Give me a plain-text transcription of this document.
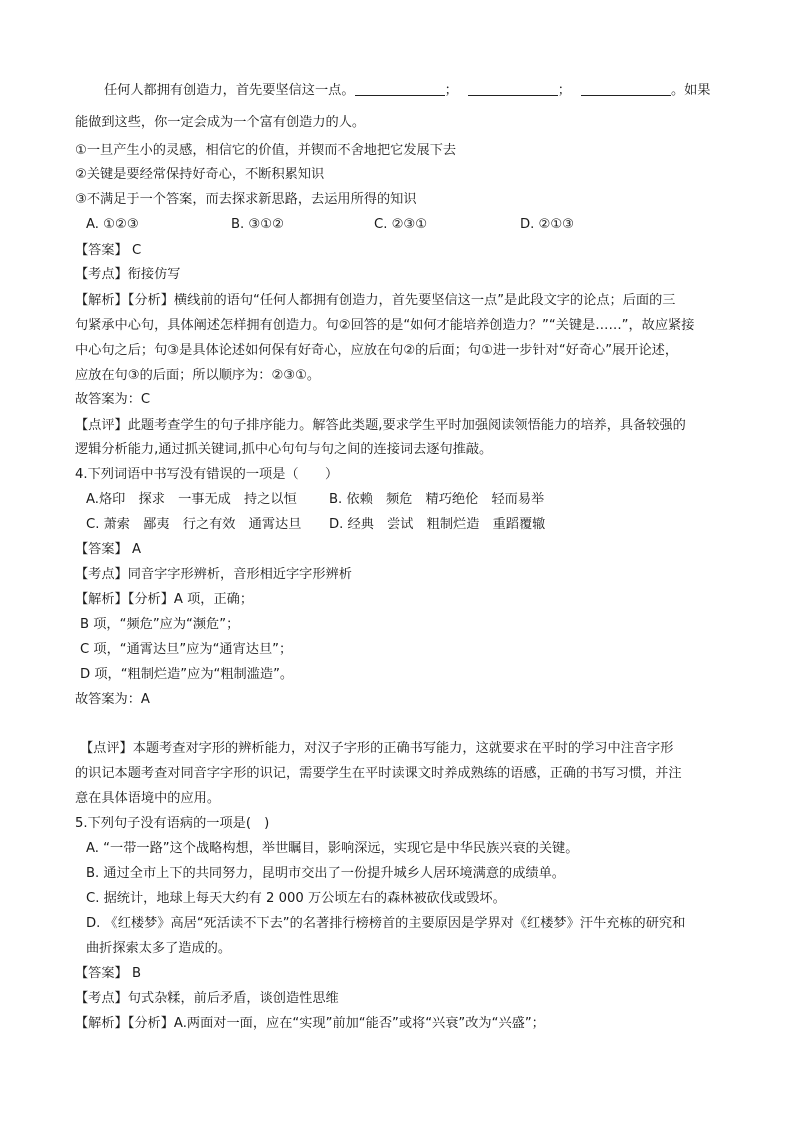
任何人都拥有创造力，首先要坚信这一点。	；	；	。如果
能做到这些，你一定会成为一个富有创造力的人。
①一旦产生小的灵感，相信它的价值，并锲而不舍地把它发展下去
②关键是要经常保持好奇心，不断积累知识
③不满足于一个答案，而去探求新思路，去运用所得的知识
A. ①②③	B. ③①②	C. ②③①	D. ②①③
【答案】 C
【考点】衔接仿写
【解析】【分析】横线前的语句“任何人都拥有创造力，首先要坚信这一点”是此段文字的论点；后面的三
句紧承中心句，具体阐述怎样拥有创造力。句②回答的是“如何才能培养创造力？”“关键是……”，故应紧接
中心句之后；句③是具体论述如何保有好奇心，应放在句②的后面；句①进一步针对“好奇心”展开论述，
应放在句③的后面；所以顺序为：②③①。
故答案为：C
【点评】此题考查学生的句子排序能力。解答此类题,要求学生平时加强阅读领悟能力的培养，具备较强的
逻辑分析能力,通过抓关键词,抓中心句句与句之间的连接词去逐句推敲。
4.下列词语中书写没有错误的一项是（　　）
A.烙印　探求　一事无成　持之以恒 B. 依赖　频危　精巧绝伦　轻而易举
C. 萧索　鄙夷　行之有效　通霄达旦 D. 经典　尝试　粗制烂造　重蹈覆辙
【答案】 A
【考点】同音字字形辨析，音形相近字字形辨析
【解析】【分析】A 项，正确；
B 项，“频危”应为“濒危”；
C 项，“通霄达旦”应为“通宵达旦”；
D 项，“粗制烂造”应为“粗制滥造”。
故答案为：A
【点评】本题考查对字形的辨析能力，对汉子字形的正确书写能力，这就要求在平时的学习中注音字形
的识记本题考查对同音字字形的识记，需要学生在平时读课文时养成熟练的语感，正确的书写习惯，并注
意在具体语境中的应用。
5.下列句子没有语病的一项是(　)
A. “一带一路”这个战略构想，举世瞩目，影响深远，实现它是中华民族兴衰的关键。
B. 通过全市上下的共同努力，昆明市交出了一份提升城乡人居环境满意的成绩单。
C. 据统计，地球上每天大约有 2 000 万公顷左右的森林被砍伐或毁坏。
D. 《红楼梦》高居“死活读不下去”的名著排行榜榜首的主要原因是学界对《红楼梦》汗牛充栋的研究和
曲折探索太多了造成的。
【答案】 B
【考点】句式杂糅，前后矛盾，谈创造性思维
【解析】【分析】A.两面对一面，应在“实现”前加“能否”或将“兴衰”改为“兴盛”；
